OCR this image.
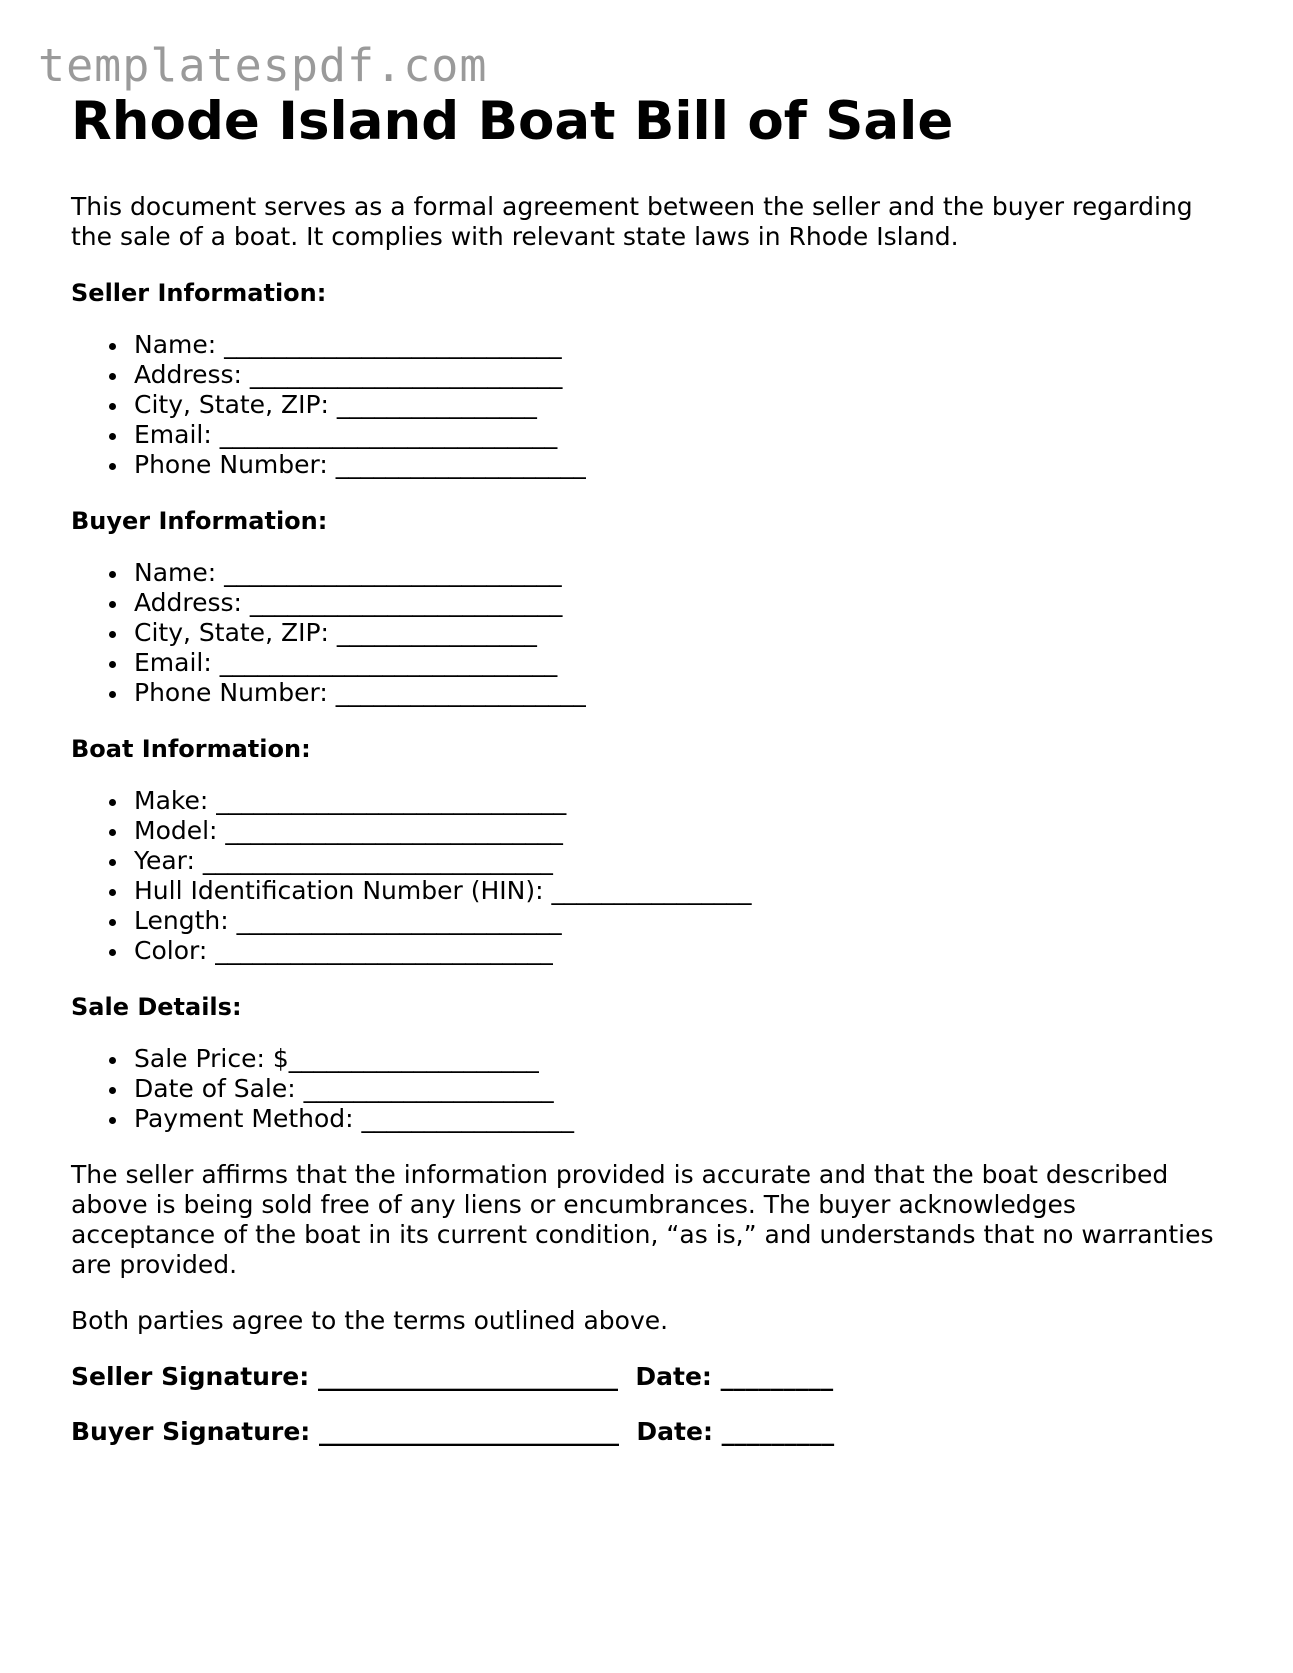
templatespdf.com
Rhode Island Boat Bill of Sale

This document serves as a formal agreement between the seller and the buyer regarding the sale of a boat. It complies with relevant state laws in Rhode Island.

Seller Information:
Name: ___________________________
Address: _________________________
City, State, ZIP: ________________
Email: ___________________________
Phone Number: ____________________
Buyer Information:
Name: ___________________________
Address: _________________________
City, State, ZIP: ________________
Email: ___________________________
Phone Number: ____________________
Boat Information:
Make: ____________________________
Model: ___________________________
Year: ____________________________
Hull Identification Number (HIN): ________________
Length: __________________________
Color: ___________________________
Sale Details:
Sale Price: $____________________
Date of Sale: ____________________
Payment Method: _________________

The seller affirms that the information provided is accurate and that the boat described above is being sold free of any liens or encumbrances. The buyer acknowledges acceptance of the boat in its current condition, “as is,” and understands that no warranties are provided.

Both parties agree to the terms outlined above.

Seller Signature: ________________________  Date: _________
Buyer Signature: ________________________  Date: _________
